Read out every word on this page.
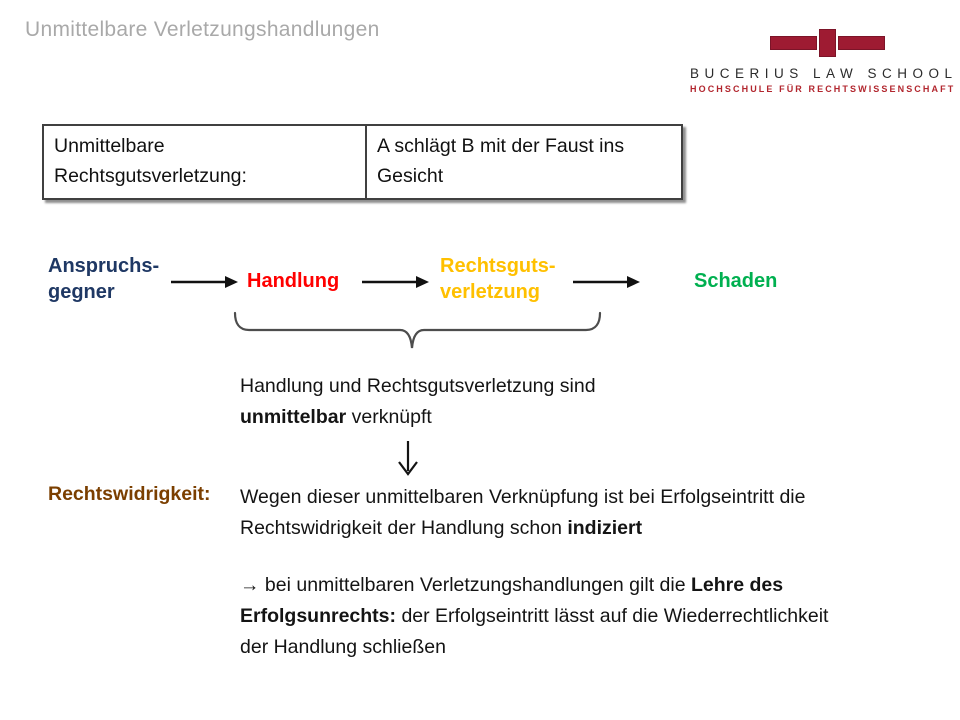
Unmittelbare Verletzungshandlungen
BUCERIUS LAW SCHOOL
HOCHSCHULE FÜR RECHTSWISSENSCHAFT
Unmittelbare
Rechtsgutsverletzung:
A schlägt B mit der Faust ins
Gesicht
Anspruchs-
gegner	Handlung
Rechtsguts-
verletzung	Schaden
Handlung und Rechtsgutsverletzung sind
unmittelbar verknüpft
Rechtswidrigkeit: Wegen dieser unmittelbaren Verknüpfung ist bei Erfolgseintritt die
Rechtswidrigkeit der Handlung schon indiziert
→ bei unmittelbaren Verletzungshandlungen gilt die Lehre des
Erfolgsunrechts: der Erfolgseintritt lässt auf die Wiederrechtlichkeit
der Handlung schließen
